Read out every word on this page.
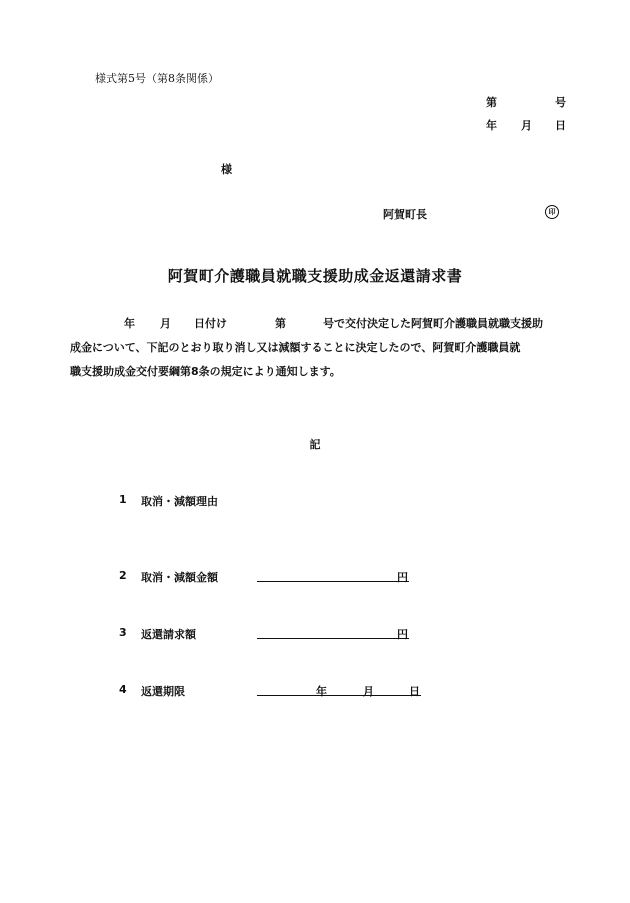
様式第5号（第8条関係）
第	号
年 月 日
様
阿賀町長	印
阿賀町介護職員就職支援助成金返還請求書
年 月 日付け	第	号で交付決定した阿賀町介護職員就職支援助
成金について、下記のとおり取り消し又は減額することに決定したので、阿賀町介護職員就
職支援助成金交付要綱第8条の規定により通知します。
記
1 取消・減額理由
2 取消・減額金額	円
3 返還請求額	円
4 返還期限	年	月	日
